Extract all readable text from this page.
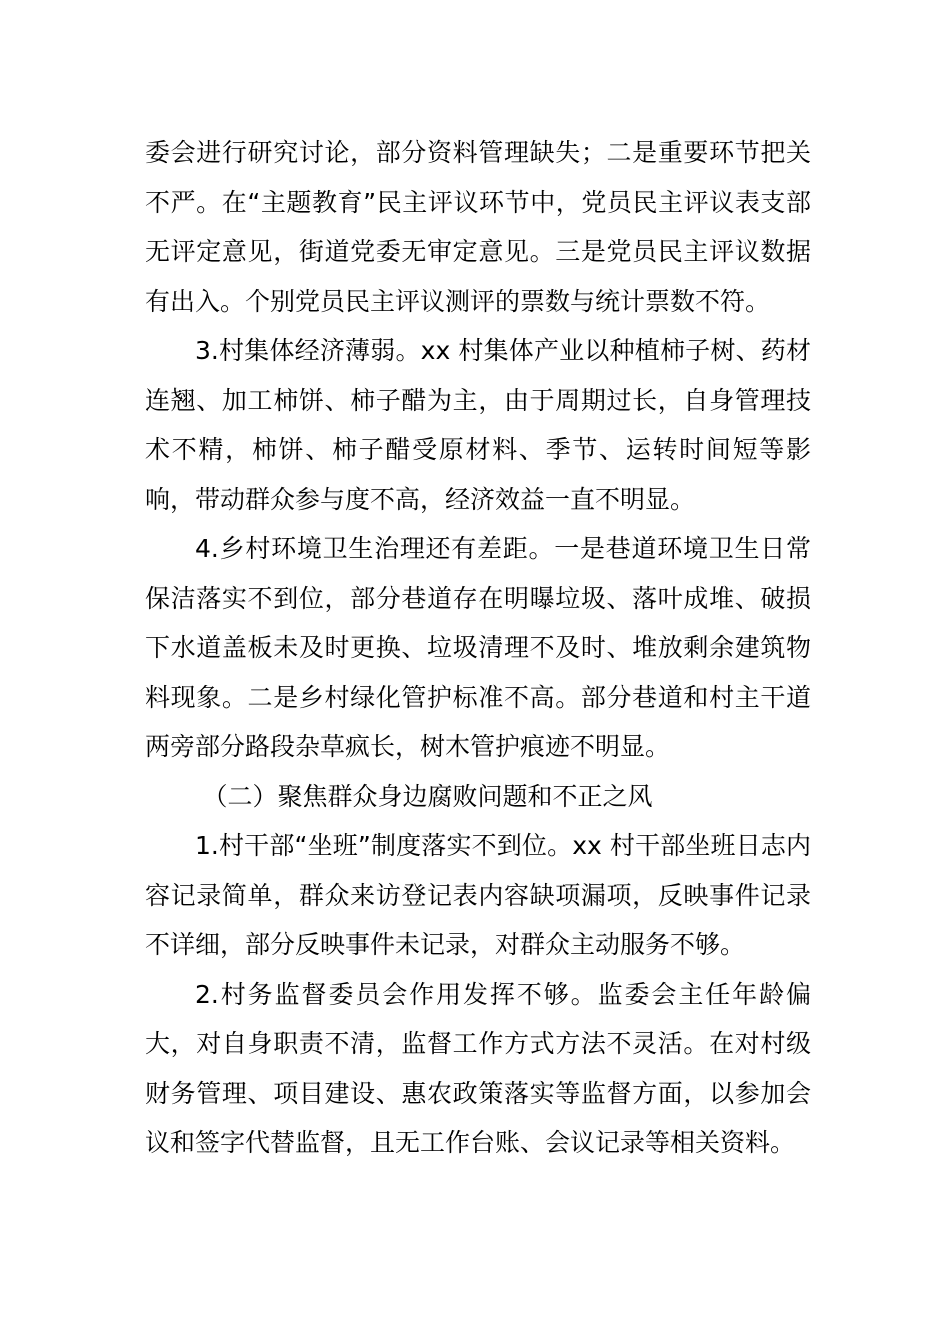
委会进行研究讨论，部分资料管理缺失；二是重要环节把关不严。在“主题教育”民主评议环节中，党员民主评议表支部无评定意见，街道党委无审定意见。三是党员民主评议数据有出入。个别党员民主评议测评的票数与统计票数不符。

3.村集体经济薄弱。xx 村集体产业以种植柿子树、药材连翘、加工柿饼、柿子醋为主，由于周期过长，自身管理技术不精，柿饼、柿子醋受原材料、季节、运转时间短等影响，带动群众参与度不高，经济效益一直不明显。

4.乡村环境卫生治理还有差距。一是巷道环境卫生日常保洁落实不到位，部分巷道存在明曝垃圾、落叶成堆、破损下水道盖板未及时更换、垃圾清理不及时、堆放剩余建筑物料现象。二是乡村绿化管护标准不高。部分巷道和村主干道两旁部分路段杂草疯长，树木管护痕迹不明显。

（二）聚焦群众身边腐败问题和不正之风

1.村干部“坐班”制度落实不到位。xx 村干部坐班日志内容记录简单，群众来访登记表内容缺项漏项，反映事件记录不详细，部分反映事件未记录，对群众主动服务不够。

2.村务监督委员会作用发挥不够。监委会主任年龄偏大，对自身职责不清，监督工作方式方法不灵活。在对村级财务管理、项目建设、惠农政策落实等监督方面，以参加会议和签字代替监督，且无工作台账、会议记录等相关资料。
